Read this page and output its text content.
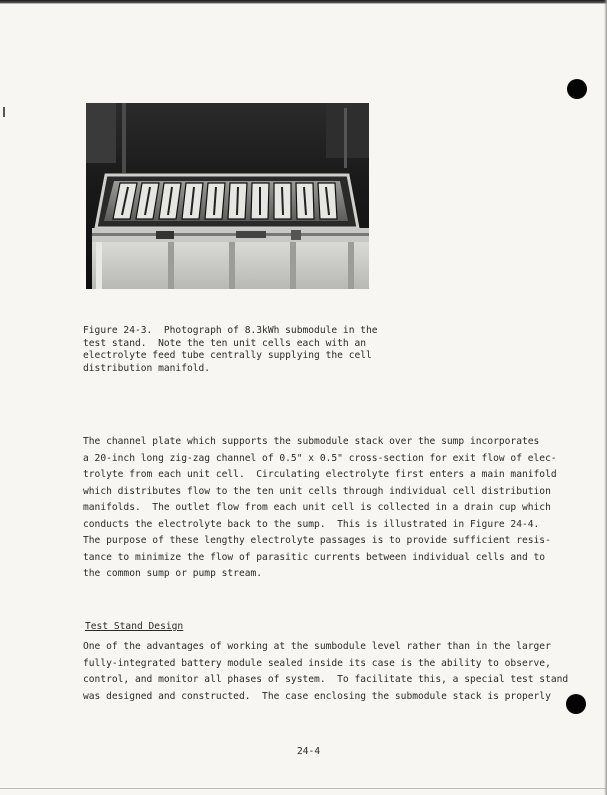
Figure 24-3.  Photograph of 8.3kWh submodule in the
test stand.  Note the ten unit cells each with an
electrolyte feed tube centrally supplying the cell
distribution manifold.

The channel plate which supports the submodule stack over the sump incorporates
a 20-inch long zig-zag channel of 0.5" x 0.5" cross-section for exit flow of elec-
trolyte from each unit cell.  Circulating electrolyte first enters a main manifold
which distributes flow to the ten unit cells through individual cell distribution
manifolds.  The outlet flow from each unit cell is collected in a drain cup which
conducts the electrolyte back to the sump.  This is illustrated in Figure 24-4.
The purpose of these lengthy electrolyte passages is to provide sufficient resis-
tance to minimize the flow of parasitic currents between individual cells and to
the common sump or pump stream.

Test Stand Design

One of the advantages of working at the sumbodule level rather than in the larger
fully-integrated battery module sealed inside its case is the ability to observe,
control, and monitor all phases of system.  To facilitate this, a special test stand
was designed and constructed.  The case enclosing the submodule stack is properly

24-4
